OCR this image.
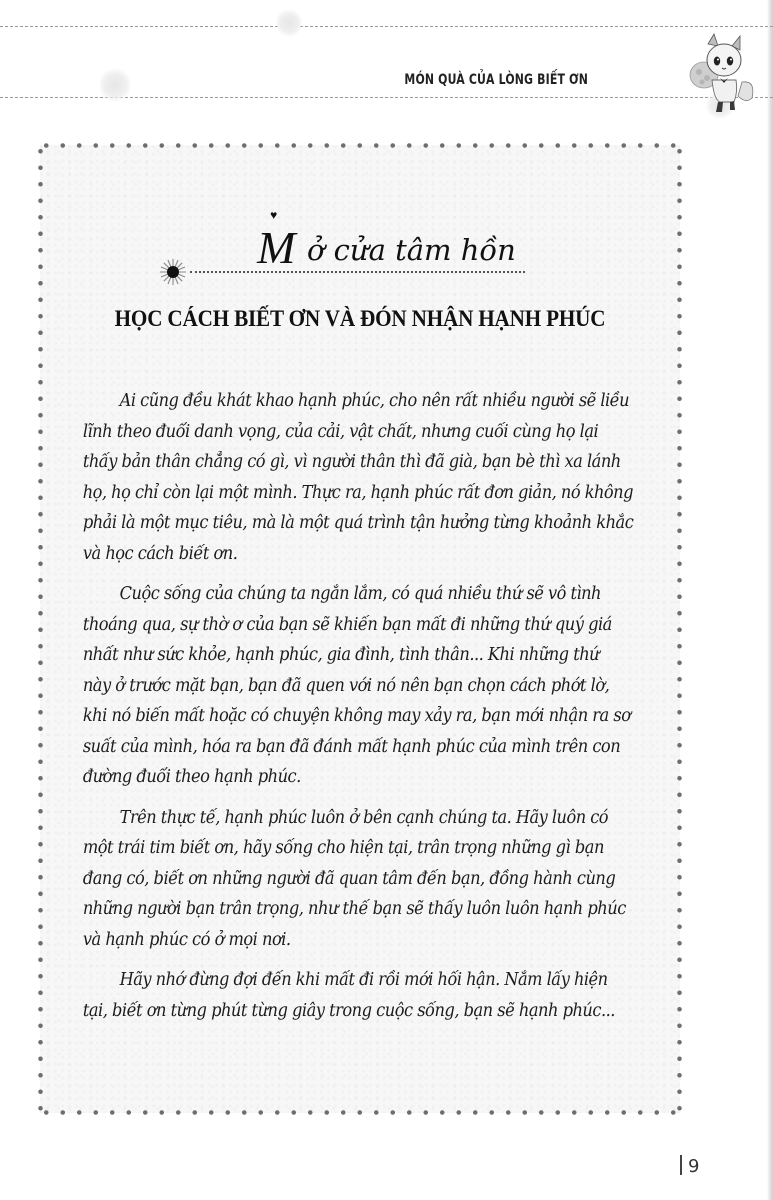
MÓN QUÀ CỦA LÒNG BIẾT ƠN
♥
M ở cửa tâm hồn
HỌC CÁCH BIẾT ƠN VÀ ĐÓN NHẬN HẠNH PHÚC

Ai cũng đều khát khao hạnh phúc, cho nên rất nhiều người sẽ liều
lĩnh theo đuổi danh vọng, của cải, vật chất, nhưng cuối cùng họ lại
thấy bản thân chẳng có gì, vì người thân thì đã già, bạn bè thì xa lánh
họ, họ chỉ còn lại một mình. Thực ra, hạnh phúc rất đơn giản, nó không
phải là một mục tiêu, mà là một quá trình tận hưởng từng khoảnh khắc
và học cách biết ơn.

Cuộc sống của chúng ta ngắn lắm, có quá nhiều thứ sẽ vô tình
thoáng qua, sự thờ ơ của bạn sẽ khiến bạn mất đi những thứ quý giá
nhất như sức khỏe, hạnh phúc, gia đình, tình thân... Khi những thứ
này ở trước mặt bạn, bạn đã quen với nó nên bạn chọn cách phớt lờ,
khi nó biến mất hoặc có chuyện không may xảy ra, bạn mới nhận ra sơ
suất của mình, hóa ra bạn đã đánh mất hạnh phúc của mình trên con
đường đuổi theo hạnh phúc.

Trên thực tế, hạnh phúc luôn ở bên cạnh chúng ta. Hãy luôn có
một trái tim biết ơn, hãy sống cho hiện tại, trân trọng những gì bạn
đang có, biết ơn những người đã quan tâm đến bạn, đồng hành cùng
những người bạn trân trọng, như thế bạn sẽ thấy luôn luôn hạnh phúc
và hạnh phúc có ở mọi nơi.

Hãy nhớ đừng đợi đến khi mất đi rồi mới hối hận. Nắm lấy hiện
tại, biết ơn từng phút từng giây trong cuộc sống, bạn sẽ hạnh phúc...

9
